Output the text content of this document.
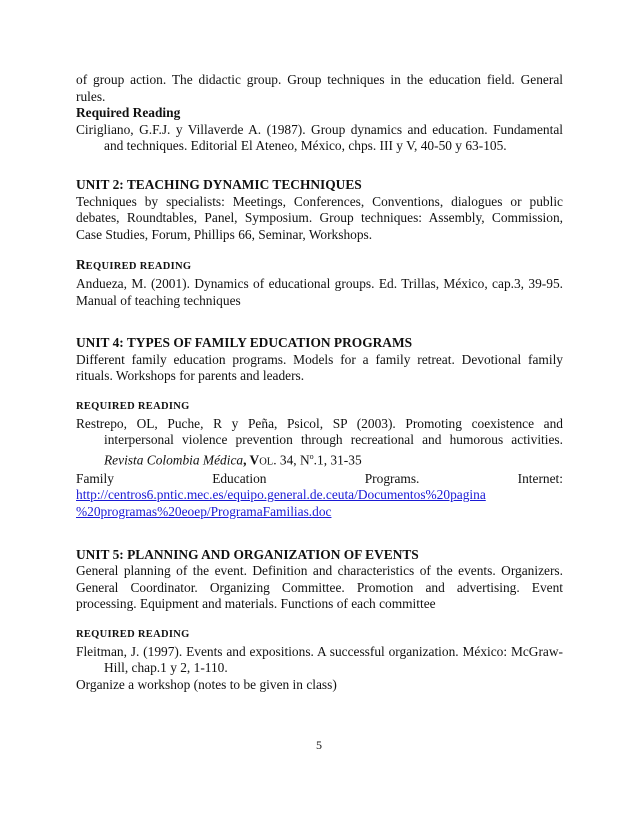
of group action. The didactic group. Group techniques in the education field. General rules.

Required Reading

Cirigliano, G.F.J. y Villaverde A. (1987). Group dynamics and education. Fundamental and techniques. Editorial El Ateneo, México, chps. III y V, 40-50 y 63-105.

UNIT 2: TEACHING DYNAMIC TECHNIQUES

Techniques by specialists: Meetings, Conferences, Conventions, dialogues or public debates, Roundtables, Panel, Symposium. Group techniques: Assembly, Commission, Case Studies, Forum, Phillips 66, Seminar, Workshops.

REQUIRED READING

Andueza, M. (2001). Dynamics of educational groups. Ed. Trillas, México, cap.3, 39-95. Manual of teaching techniques

UNIT 4: TYPES OF FAMILY EDUCATION PROGRAMS

Different family education programs. Models for a family retreat. Devotional family rituals. Workshops for parents and leaders.

REQUIRED READING

Restrepo, OL, Puche, R y Peña, Psicol, SP (2003). Promoting coexistence and interpersonal violence prevention through recreational and humorous activities. Revista Colombia Médica, VOL. 34, $N^o.1$, 31-35

Family	Education	Programs.	Internet:

http://centros6.pntic.mec.es/equipo.general.de.ceuta/Documentos%20pagina
%20programas%20eoep/ProgramaFamilias.doc

UNIT 5: PLANNING AND ORGANIZATION OF EVENTS

General planning of the event. Definition and characteristics of the events. Organizers. General Coordinator. Organizing Committee. Promotion and advertising. Event processing. Equipment and materials. Functions of each committee

REQUIRED READING

Fleitman, J. (1997). Events and expositions. A successful organization. México: McGraw-Hill, chap.1 y 2, 1-110.

Organize a workshop (notes to be given in class)

5
